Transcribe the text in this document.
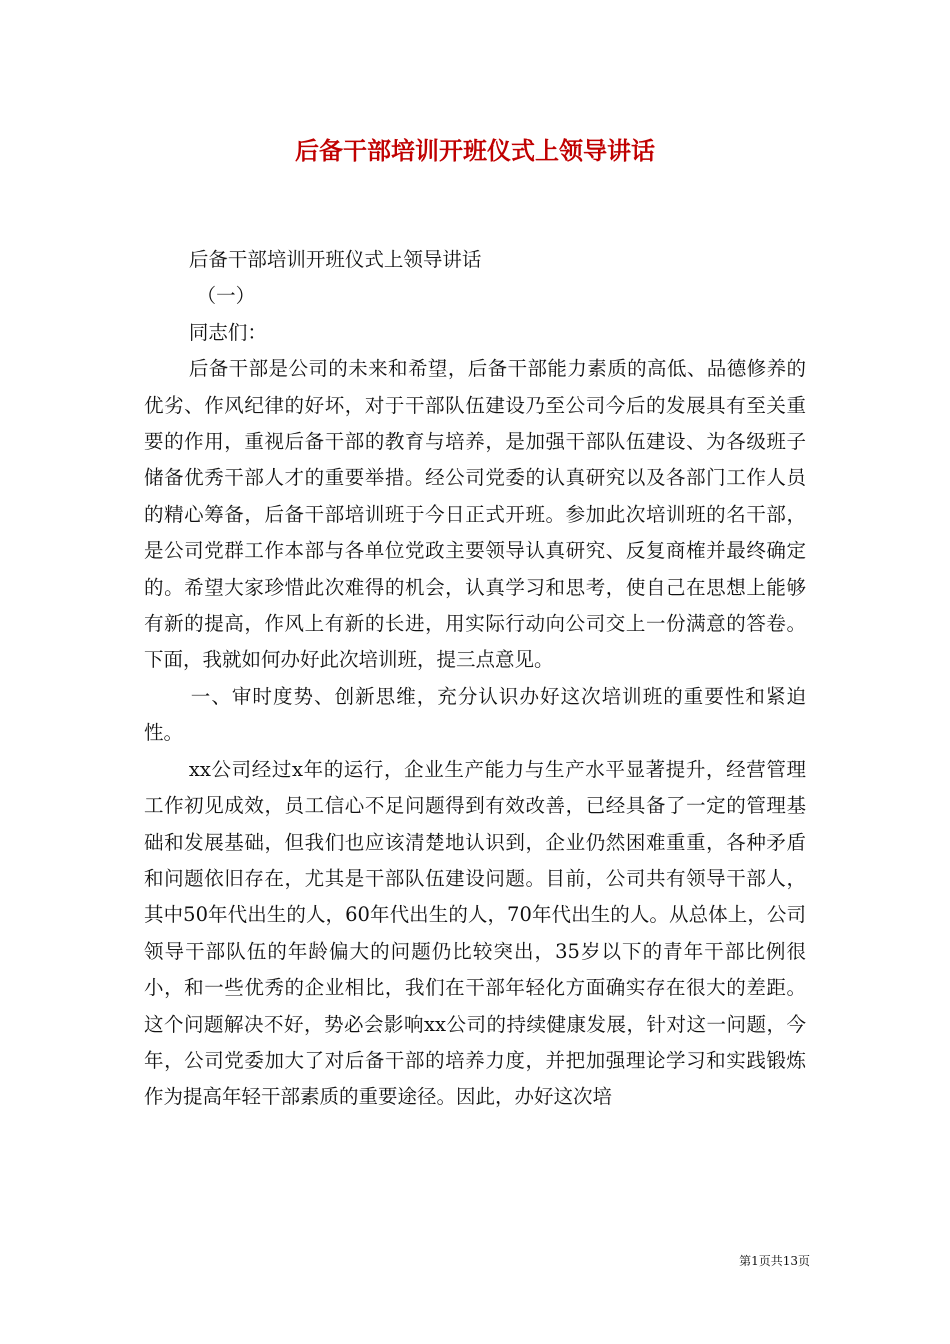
后备干部培训开班仪式上领导讲话

后备干部培训开班仪式上领导讲话

（一）

同志们：

后备干部是公司的未来和希望，后备干部能力素质的高低、品德修养的优劣、作风纪律的好坏，对于干部队伍建设乃至公司今后的发展具有至关重要的作用，重视后备干部的教育与培养，是加强干部队伍建设、为各级班子储备优秀干部人才的重要举措。经公司党委的认真研究以及各部门工作人员的精心筹备，后备干部培训班于今日正式开班。参加此次培训班的名干部，是公司党群工作本部与各单位党政主要领导认真研究、反复商榷并最终确定的。希望大家珍惜此次难得的机会，认真学习和思考，使自己在思想上能够有新的提高，作风上有新的长进，用实际行动向公司交上一份满意的答卷。下面，我就如何办好此次培训班，提三点意见。

一、审时度势、创新思维，充分认识办好这次培训班的重要性和紧迫性。

xx公司经过x年的运行，企业生产能力与生产水平显著提升，经营管理工作初见成效，员工信心不足问题得到有效改善，已经具备了一定的管理基础和发展基础，但我们也应该清楚地认识到，企业仍然困难重重，各种矛盾和问题依旧存在，尤其是干部队伍建设问题。目前，公司共有领导干部人，其中50年代出生的人，60年代出生的人，70年代出生的人。从总体上，公司领导干部队伍的年龄偏大的问题仍比较突出，35岁以下的青年干部比例很小，和一些优秀的企业相比，我们在干部年轻化方面确实存在很大的差距。这个问题解决不好，势必会影响xx公司的持续健康发展，针对这一问题，今年，公司党委加大了对后备干部的培养力度，并把加强理论学习和实践锻炼作为提高年轻干部素质的重要途径。因此，办好这次培

第1页共13页
